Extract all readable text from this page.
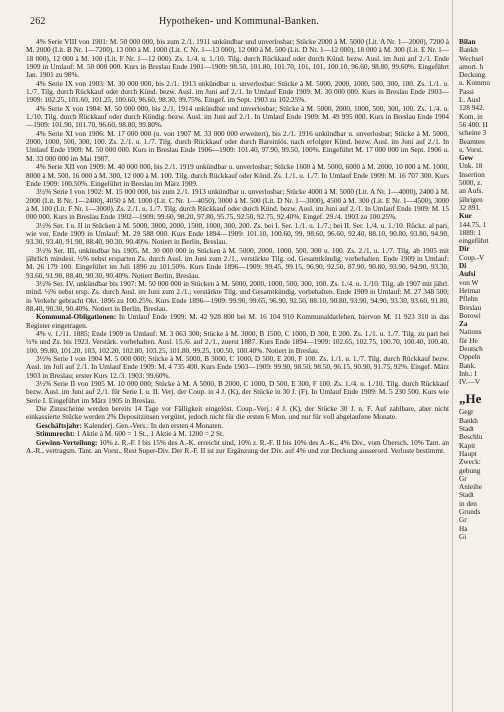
262	Hypotheken- und Kommunal-Banken.

4% Serie VIII von 1901: M. 50 000 000, bis zum 2./1. 1911 unkündbar und unverlosbar; Stücke 2000 à M. 5000 (Lit. A Nr. 1—2000), 7200 à M. 2000 (Lit. B Nr. 1—7200), 13 000 à M. 1000 (Lit. C Nr. 1—13 000), 12 000 à M. 500 (Lit. D Nr. 1—12 000), 18 000 à M. 300 (Lit. E Nr. 1—18 000), 12 000 à M. 100 (Lit. F Nr. 1—12 000). Zs. 1./4. u. 1./10. Tilg. durch Rückkauf oder durch Künd. bezw. Ausl. im Juni auf 2./1. Ende 1909 in Umlauf: M. 50 000 000. Kurs in Breslau Ende 1901—1909: 98.50, 101.80, 101.70, 101, 101, 100.10, 96.60, 98.80, 99.60%. Eingeführt Jan. 1901 zu 98%.

4% Serie IX von 1903: M. 30 000 000, bis 2./1. 1913 unkündbar u. unverlosbar: Stücke à M. 5000, 2000, 1000, 500, 300, 100. Zs. 1./1. u. 1./7. Tilg. durch Rückkauf oder durch Künd. bezw. Ausl. im Juni auf 2./1. In Umlauf Ende 1909: M. 30 000 000. Kurs in Breslau Ende 1903—1909: 102.25, 101.60, 101.25, 100.60, 96.60, 98.30, 99.75%. Eingef. im Sept. 1903 zu 102.25%.

4% Serie X von 1904: M. 50 000 000, bis 2./1. 1914 unkündbar und unverlosbar; Stücke à M. 5000, 2000, 1000, 500, 300, 100. Zs. 1./4. u. 1./10. Tilg. durch Rückkauf oder durch Kündig. bezw. Ausl. im Juni auf 2./1. In Umlauf Ende 1909: M. 49 995 000. Kurs in Breslau Ende 1904—1909: 101.90, 101.70, 96.60, 98.80, 99.80%.

4% Serie XI von 1906: M. 17 000 000 (u. von 1907 M. 33 000 000 erweitert), bis 2./1. 1916 unkündbar u. unverlosbar; Stücke à M. 5000, 2000, 1000, 500, 300, 100. Zs. 2./1. u. 1./7. Tilg. durch Rückkauf oder durch Bareinlös. nach erfolgter Künd. bezw. Ausl. im Juni auf 2./1. In Umlauf Ende 1909: M. 50 000 000. Kurs in Breslau Ende 1906—1909: 101.40, 97.90, 99.50, 100%. Eingeführt M. 17 000 000 im Sept. 1906 u. M. 33 000 000 im Mai 1907.

4% Serie XII von 1909: M. 40 000 000, bis 2./1. 1919 unkündbar u. unverlosbar; Stücke 1600 à M. 5000, 6000 à M. 2000, 10 000 à M. 1000, 8000 à M. 500, 16 000 à M. 300, 12 000 à M. 100. Tilg. durch Rückkauf oder Künd. Zs. 1./1. u. 1./7. In Umlauf Ende 1909: M. 16 707 300. Kurs Ende 1909: 100.50%. Eingeführt in Breslau im März 1909.

3½% Serie I von 1902: M. 15 000 000, bis zum 2./1. 1913 unkündbar u. unverlosbar; Stücke 4000 à M. 5000 (Lit. A Nr. 1—4000), 2400 à M. 2000 (Lit. B Nr. 1—2400), 4050 à M. 1000 (Lit. C Nr. 1—4050), 3000 à M. 500 (Lit. D Nr. 1—3000), 4500 à M. 300 (Lit. E Nr. 1—4500), 3000 à M. 100 (Lit. F Nr. 1—3000). Zs. 2./1. u. 1./7. Tilg. durch Rückkauf oder durch Künd. bezw. Ausl. im Juni auf 2./1. In Umlauf Ende 1909: M. 15 000 000. Kurs in Breslau Ende 1902—1909: 99.60, 98.20, 97.80, 95.75, 92.50, 92.75, 92.40%. Eingef. 29./4. 1903 zu 100.25%.

3½% Ser. I u. II in Stücken à M. 5000, 3000, 2000, 1500, 1000, 300, 200. Zs. bei I. Ser. 1./1. u. 1./7.; bei II. Ser. 1./4. u. 1./10. Rückz. al pari, wie vor. Ende 1909 in Umlauf: M. 29 588 000. Kurs Ende 1894—1909: 101.10, 100.60, 99, 98.60, 96.60, 92.40, 88.10, 90.80, 93.80, 94.90, 93.30, 93.40, 91.90, 88.40, 90.30, 90.40%. Notiert in Berlin, Breslau.

3½% Ser. III, unkündbar bis 1905, M. 30 000 000 in Stücken à M. 5000, 2000, 1000, 500, 300 u. 100. Zs. 2./1. u. 1./7. Tilg. ab 1905 mit jährlich mindest. ½% nebst ersparten Zs. durch Ausl. im Juni zum 2./1., verstärkte Tilg. od. Gesamtkündig. vorbehalten. Ende 1909 in Umlauf: M. 26 179 100. Eingeführt im Juli 1896 zu 101.50%. Kurs Ende 1896—1909: 99.45, 99.15, 96.90, 92.50, 87.90, 90.80, 93.90, 94.90, 93.30, 93.60, 91.90, 88.40, 90.30, 90.40%. Notiert Berlin, Breslau.

3½% Ser. IV, unkündbar bis 1907: M. 50 000 000 in Stücken à M. 5000, 2000, 1000, 500, 300, 100. Zs. 1./4. u. 1./10. Tilg. ab 1907 mit jährl. mind. ½% nebst ersp. Zs. durch Ausl. im Juni zum 2./1.; verstärkte Tilg. und Gesamtkündig. vorbehalten. Ende 1909 in Umlauf: M. 27 348 500; in Verkehr gebracht Okt. 1896 zu 100.25%. Kurs Ende 1896—1909: 99.90, 99.65, 96.90, 92.50, 88.10, 90.80, 93.90, 94.90, 93.30, 93.60, 91.80, 88.40, 90.30, 90.40%. Notiert in Berlin, Breslau.

Kommunal-Obligationen: In Umlauf Ende 1909: M. 42 928 800 bei M. 16 104 910 Kommunaldarlehen, hiervon M. 11 923 310 in das Register eingetragen.

4% v. 1./11. 1885; Ende 1909 in Umlauf: M. 3 063 300; Stücke à M. 3000, B 1500, C 1000, D 300, E 200. Zs. 1./1. u. 1./7. Tilg. zu pari bei ½% und Zs. bis 1923. Verstärk. vorbehalten. Ausl. 15./6. auf 2./1., zuerst 1887. Kurs Ende 1894—1909: 102.65, 102.75, 100.70, 100.40, 100.40, 100, 99.80, 101.20, 103, 102.20, 102.80, 103.25, 101.80, 99.25, 100.50, 100.40%. Notiert in Breslau.

3½% Serie I von 1904 M. 5 000 000; Stücke à M. 5000, B 3000, C 1000, D 500, E 200, F 100. Zs. 1./1. u. 1./7. Tilg. durch Rückkauf bezw. Ausl. im Juli auf 2./1. In Umlauf Ende 1909: M. 4 735 400. Kurs Ende 1903—1909: 99.90, 98.50, 98.50, 96.15, 90.90, 91.75, 92%. Eingef. März 1903 in Breslau; erster Kurs 12./3. 1903: 99.60%.

3½% Serie II von 1905 M. 10 000 000; Stücke à M. A 5000, B 2000, C 1000, D 500, E 300, F 100. Zs. 1./4. u. 1./10. Tilg. durch Rückkauf bezw. Ausl. im Juni auf 2./1. für Serie I. u. II. Verj. der Coup. in 4 J. (K), der Stücke in 30 J. (F). In Umlauf Ende 1909: M. 5 230 500. Kurs wie Serie I. Eingeführt im März 1905 in Breslau.

Die Zinsscheine werden bereits 14 Tage vor Fälligkeit eingelöst. Coup.-Verj.: 4 J. (K), der Stücke 30 J. n. F. Auf zahlbare, aber nicht einkassierte Stücke werden 2% Depositzinsen vergütet, jedoch nicht für die ersten 6 Mon. und nur für voll abgelaufene Monate.

Geschäftsjahr: Kalenderj. Gen.-Vers.: In den ersten 4 Monaten.

Stimmrecht: 1 Aktie à M. 600 = 1 St., 1 Aktie à M. 1200 = 2 St.

Gewinn-Verteilung: 10% z. R.-F. I bis 15% des A.-K. erreicht sind, 10% z. R.-F. II bis 10% des A.-K., 4% Div., vom Übersch. 10% Tant. an A.-R., vertragsm. Tant. an Vorst., Rest Super-Div. Der R.-F. II ist zur Ergänzung der Div. auf 4% und zur Deckung ausserord. Verluste bestimmt.

Bilan
Bankh
Wechsel
amort. h
Deckung
u. Kommu
Passi
L. Ausl
128 942.
Kom. in
56 400. H
scheine 3
Beamten
u. Vorst.
Gew
Unk. 18
Insertion
5000, z.
an Aufs.
jährigen
32 891.
Kur
144.75, 1
1889: 1
eingeführt
Dir
Coup.-V
Di
Aufsi
von W
Heimat
Pflehn
Breslau
Borowi
Za
Nations
für He
Deutsch
Oppeln
Bank.
Inh.: I
IV.—V
„He
Gegr
Bankh
Stadt
Beschlu
Kapit
Haupt
Zweck:
gebung
Gr
Anleihe
Stadt
in den
Grunds
Gr
Ha
Gi
